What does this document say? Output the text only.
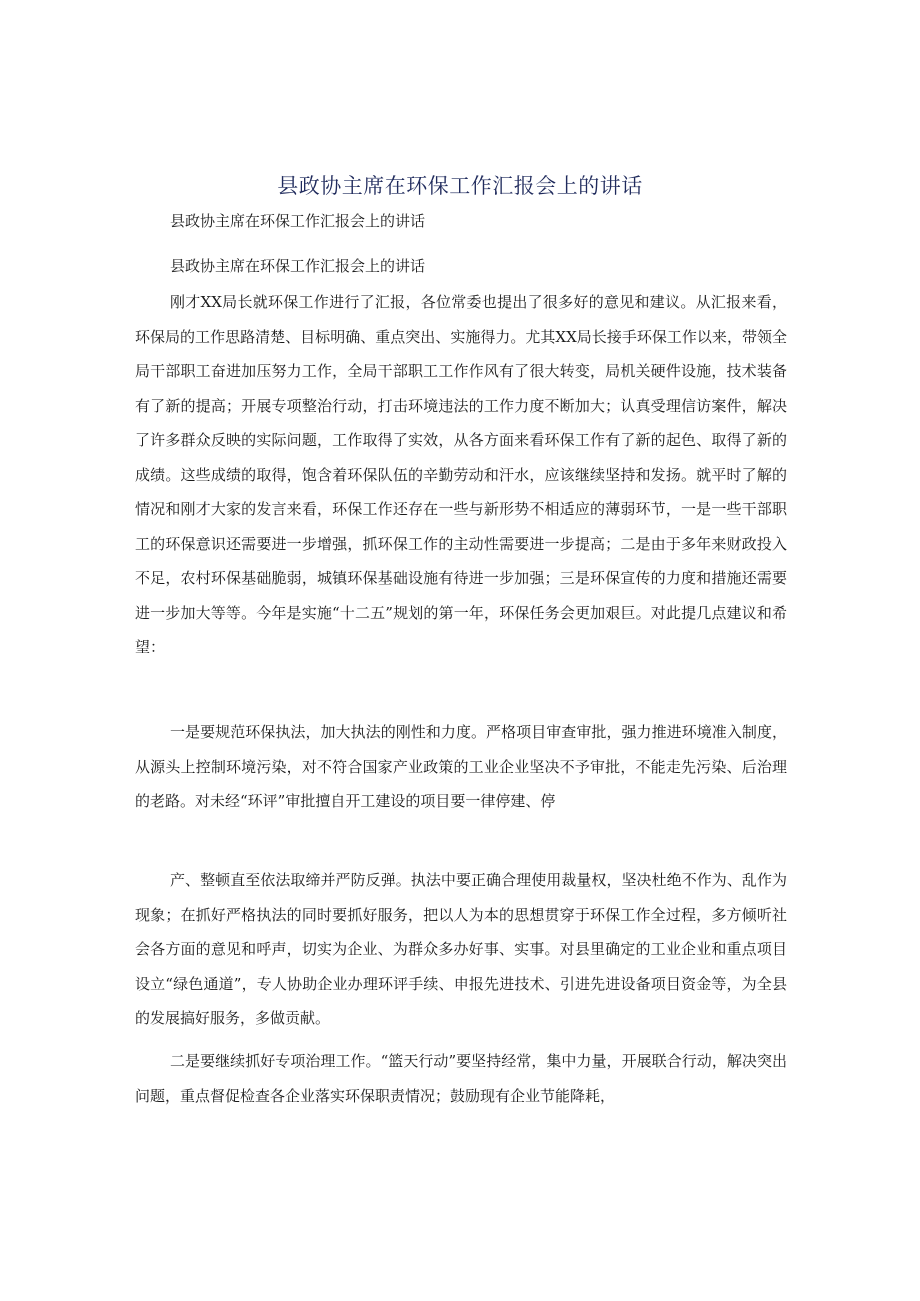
县政协主席在环保工作汇报会上的讲话

县政协主席在环保工作汇报会上的讲话

县政协主席在环保工作汇报会上的讲话

刚才XX局长就环保工作进行了汇报，各位常委也提出了很多好的意见和建议。从汇报来看，环保局的工作思路清楚、目标明确、重点突出、实施得力。尤其XX局长接手环保工作以来，带领全局干部职工奋进加压努力工作，全局干部职工工作作风有了很大转变，局机关硬件设施，技术装备有了新的提高；开展专项整治行动，打击环境违法的工作力度不断加大；认真受理信访案件，解决了许多群众反映的实际问题，工作取得了实效，从各方面来看环保工作有了新的起色、取得了新的成绩。这些成绩的取得，饱含着环保队伍的辛勤劳动和汗水，应该继续坚持和发扬。就平时了解的情况和刚才大家的发言来看，环保工作还存在一些与新形势不相适应的薄弱环节，一是一些干部职工的环保意识还需要进一步增强，抓环保工作的主动性需要进一步提高；二是由于多年来财政投入不足，农村环保基础脆弱，城镇环保基础设施有待进一步加强；三是环保宣传的力度和措施还需要进一步加大等等。今年是实施“十二五”规划的第一年，环保任务会更加艰巨。对此提几点建议和希望：

一是要规范环保执法，加大执法的刚性和力度。严格项目审查审批，强力推进环境准入制度，从源头上控制环境污染，对不符合国家产业政策的工业企业坚决不予审批，不能走先污染、后治理的老路。对未经“环评”审批擅自开工建设的项目要一律停建、停

产、整顿直至依法取缔并严防反弹。执法中要正确合理使用裁量权，坚决杜绝不作为、乱作为现象；在抓好严格执法的同时要抓好服务，把以人为本的思想贯穿于环保工作全过程，多方倾听社会各方面的意见和呼声，切实为企业、为群众多办好事、实事。对县里确定的工业企业和重点项目设立“绿色通道”，专人协助企业办理环评手续、申报先进技术、引进先进设备项目资金等，为全县的发展搞好服务，多做贡献。

二是要继续抓好专项治理工作。“篮天行动”要坚持经常，集中力量，开展联合行动，解决突出问题，重点督促检查各企业落实环保职责情况；鼓励现有企业节能降耗，
